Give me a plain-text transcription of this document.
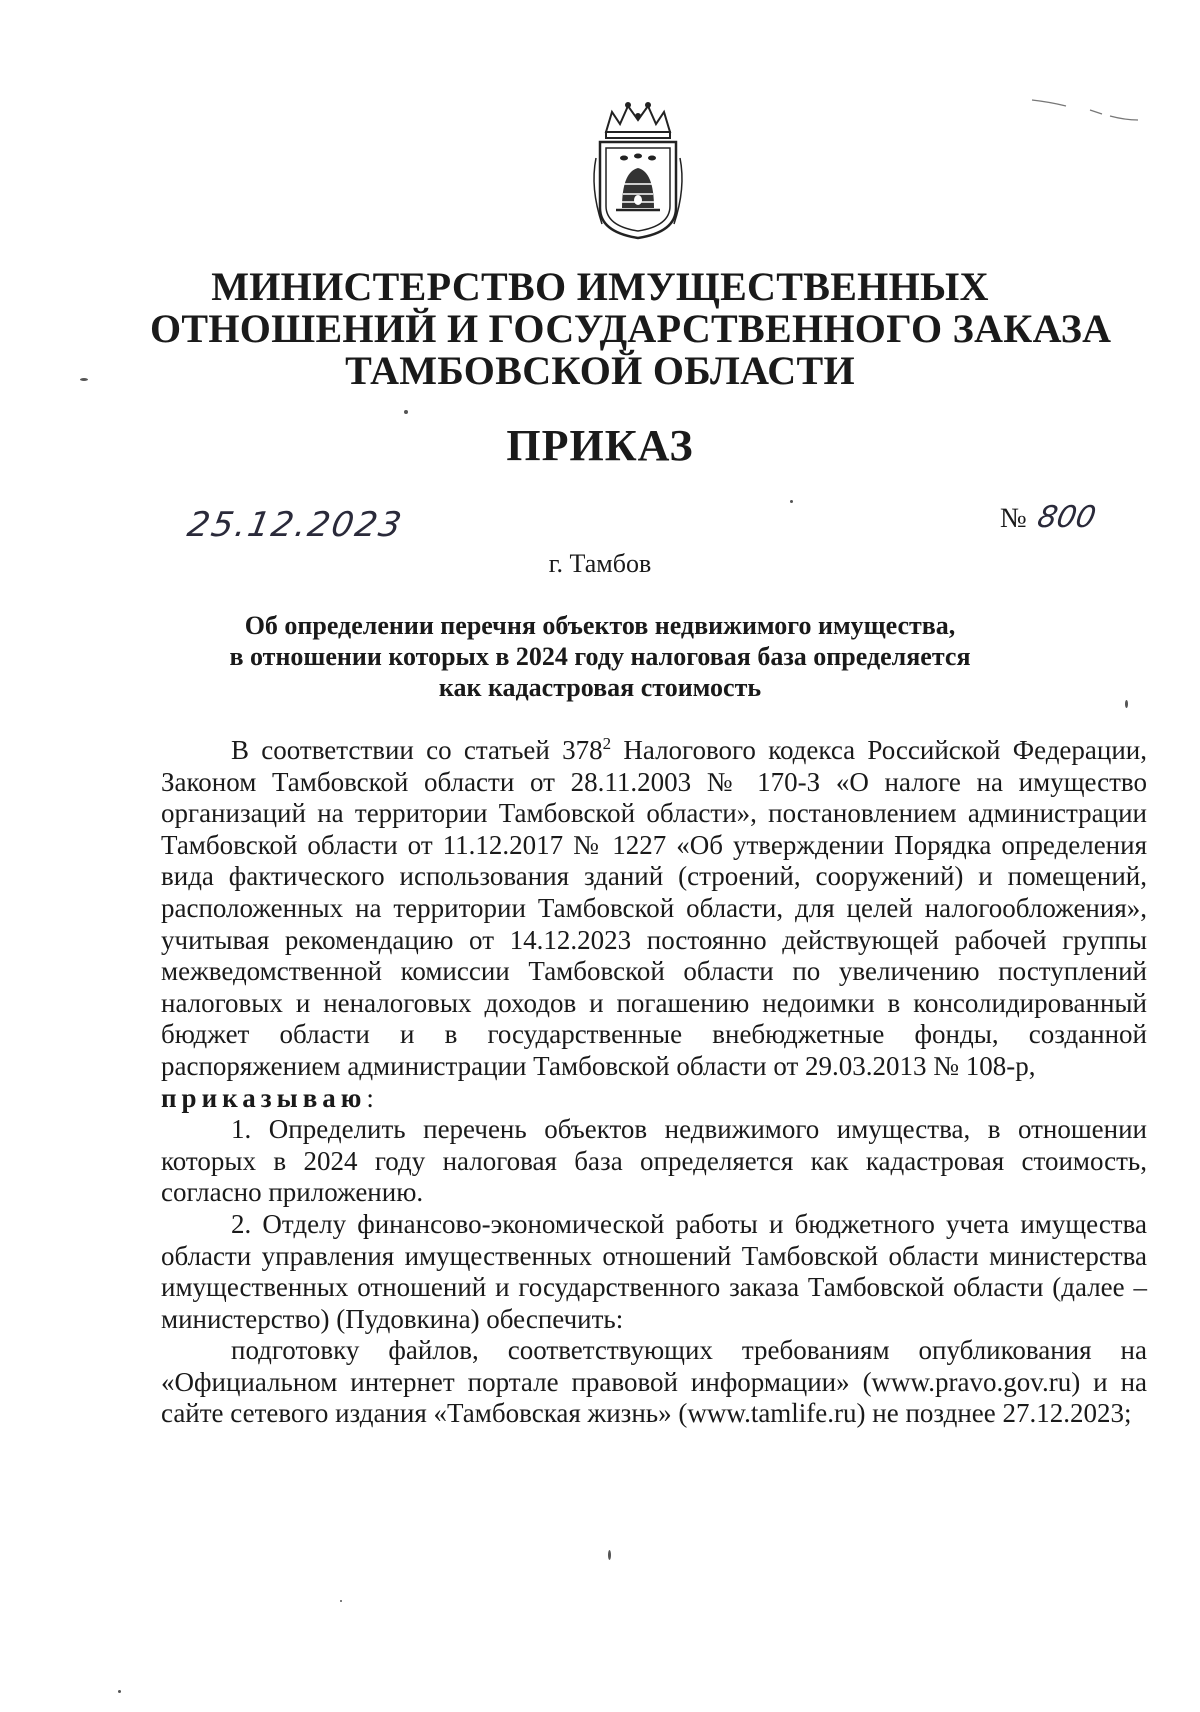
МИНИСТЕРСТВО ИМУЩЕСТВЕННЫХ
ОТНОШЕНИЙ И ГОСУДАРСТВЕННОГО ЗАКАЗА
ТАМБОВСКОЙ ОБЛАСТИ
ПРИКАЗ
25.12.2023	№ 800
г. Тамбов
Об определении перечня объектов недвижимого имущества,
в отношении которых в 2024 году налоговая база определяется
как кадастровая стоимость

В соответствии со статьей $378^2$ Налогового кодекса Российской Федерации, Законом Тамбовской области от 28.11.2003 № 170-З «О налоге на имущество организаций на территории Тамбовской области», постановлением администрации Тамбовской области от 11.12.2017 № 1227 «Об утверждении Порядка определения вида фактического использования зданий (строений, сооружений) и помещений, расположенных на территории Тамбовской области, для целей налогообложения», учитывая рекомендацию от 14.12.2023 постоянно действующей рабочей группы межведомственной комиссии Тамбовской области по увеличению поступлений налоговых и неналоговых доходов и погашению недоимки в консолидированный бюджет области и в государственные внебюджетные фонды, созданной распоряжением администрации Тамбовской области от 29.03.2013 № 108-р,

приказываю:

1. Определить перечень объектов недвижимого имущества, в отношении которых в 2024 году налоговая база определяется как кадастровая стоимость, согласно приложению.

2. Отделу финансово-экономической работы и бюджетного учета имущества области управления имущественных отношений Тамбовской области министерства имущественных отношений и государственного заказа Тамбовской области (далее – министерство) (Пудовкина) обеспечить:

подготовку файлов, соответствующих требованиям опубликования на «Официальном интернет портале правовой информации» (www.pravo.gov.ru) и на сайте сетевого издания «Тамбовская жизнь» (www.tamlife.ru) не позднее 27.12.2023;
